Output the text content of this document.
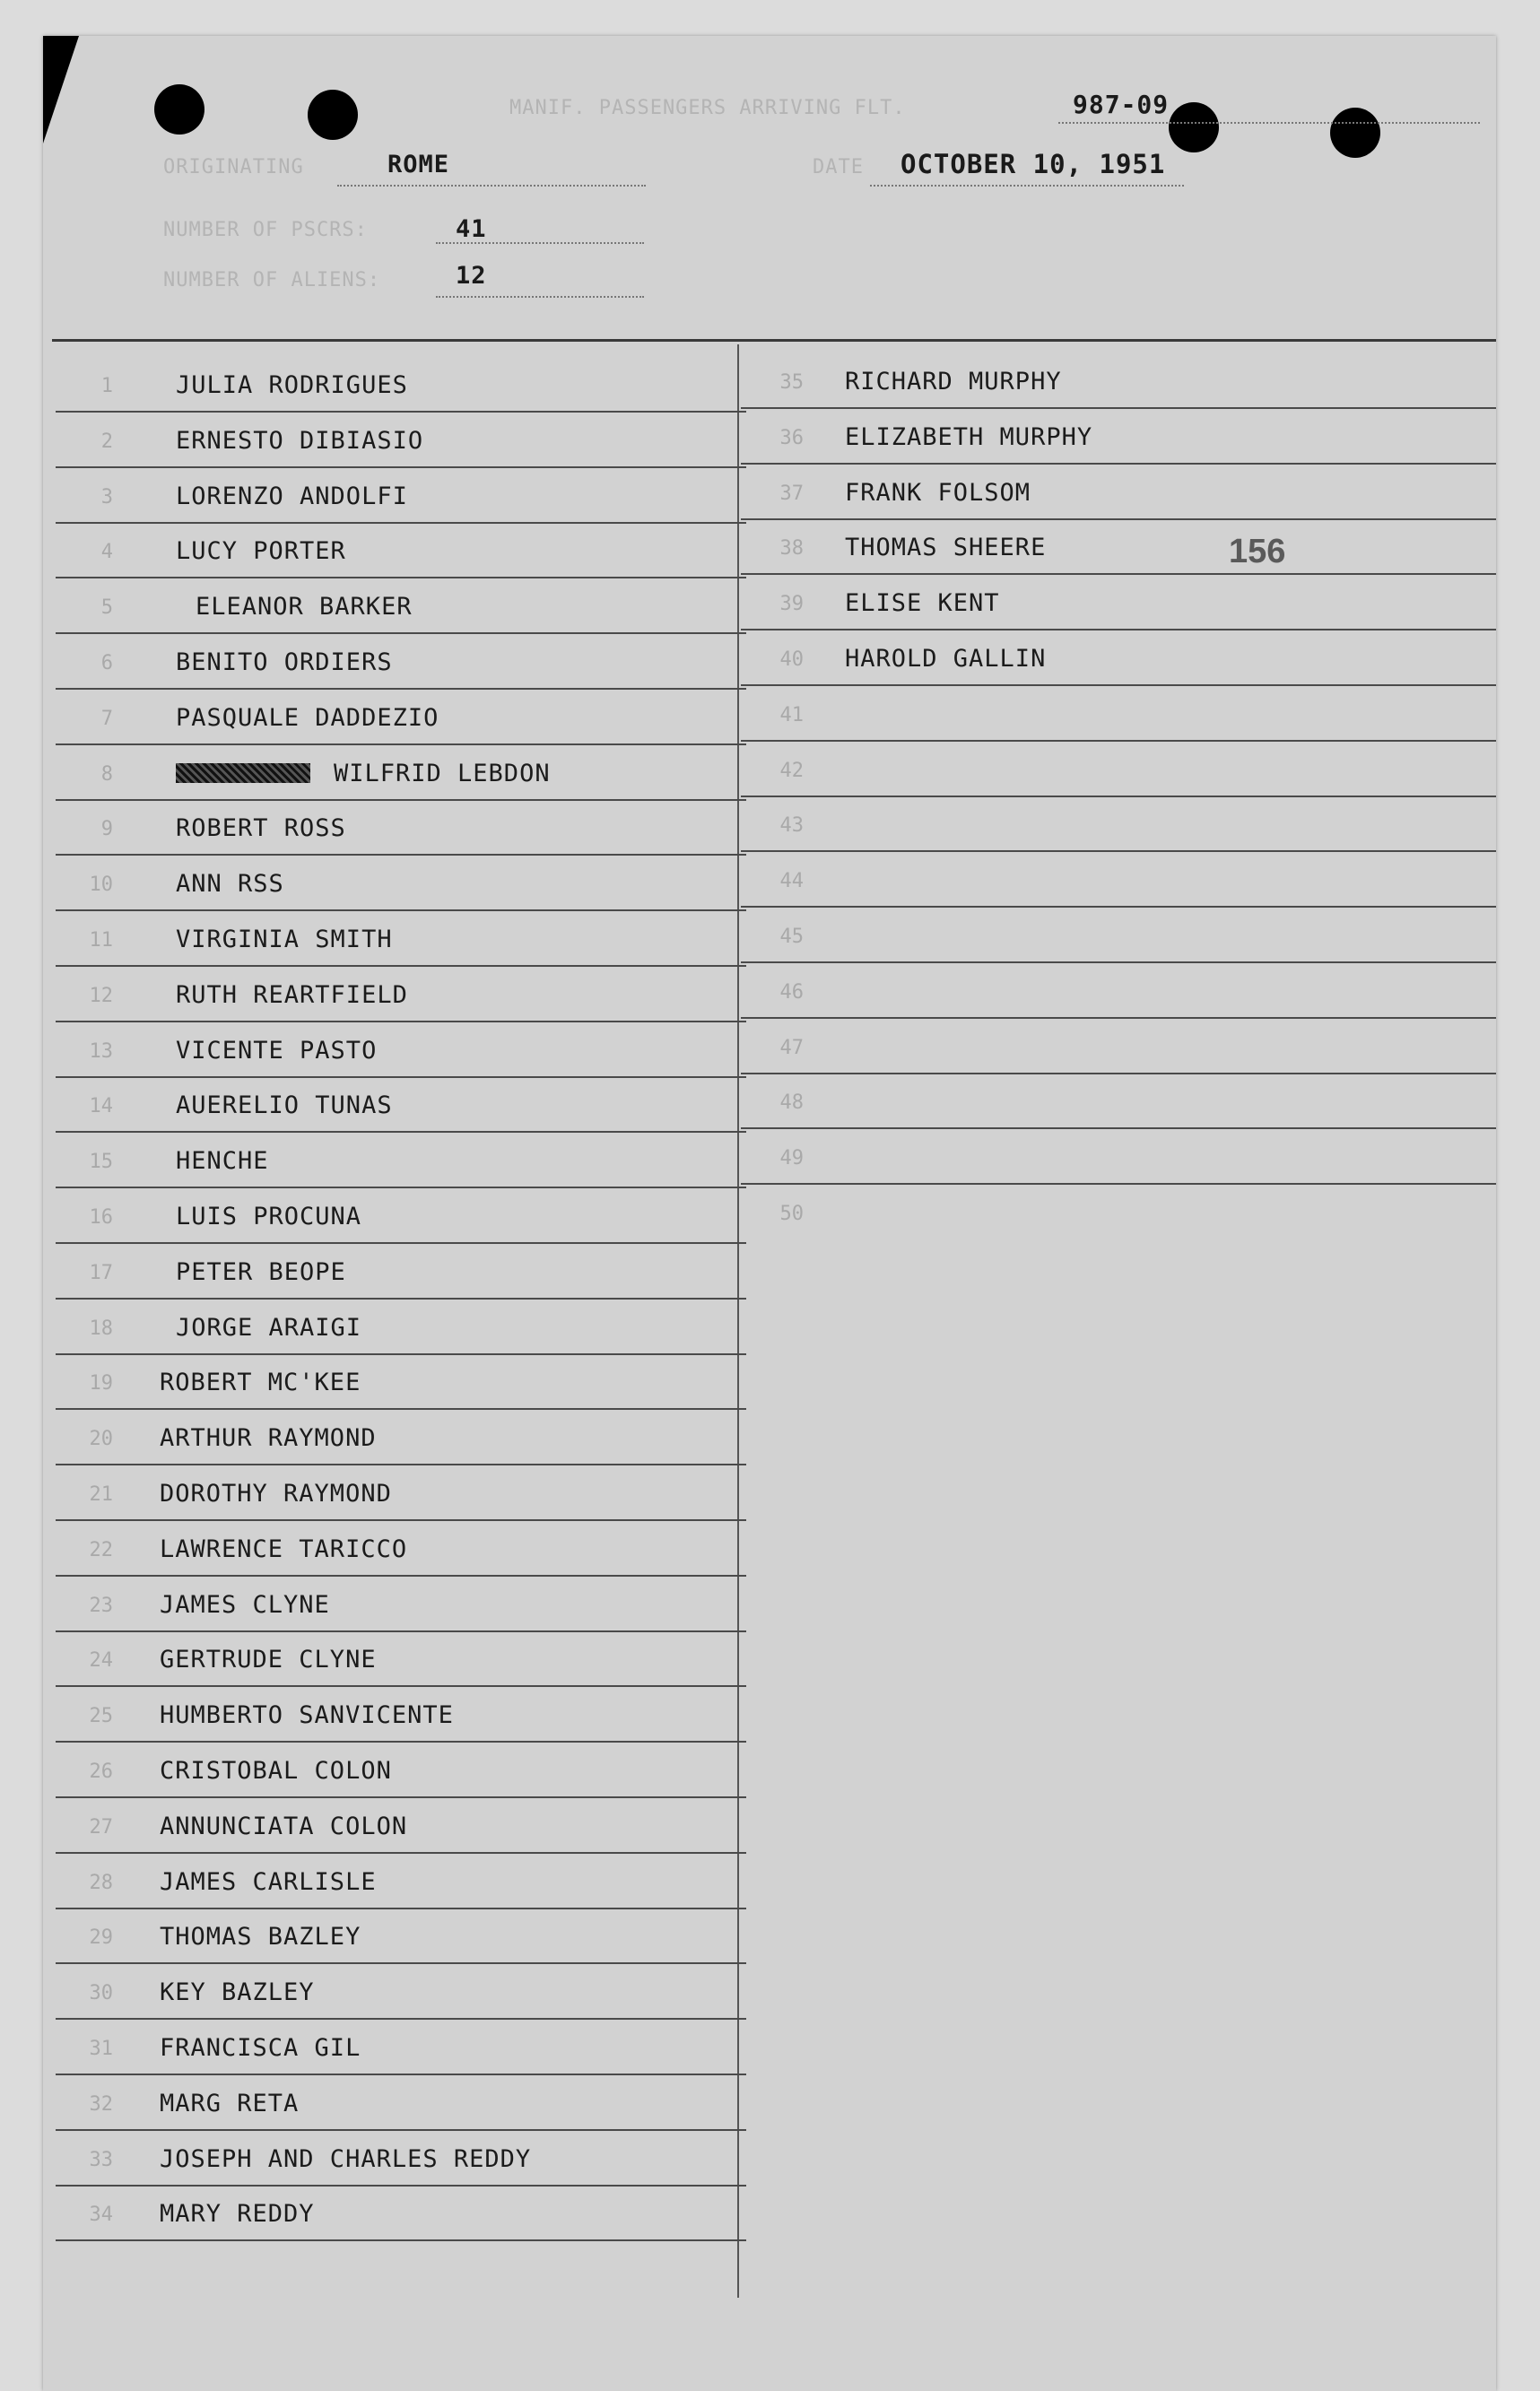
MANIF. PASSENGERS ARRIVING FLT.	987-09
ORIGINATING	ROME	DATE OCTOBER 10, 1951
NUMBER OF PSCRS:	41
NUMBER OF ALIENS:	12
156
1	JULIA RODRIGUES
2	ERNESTO DIBIASIO
3	LORENZO ANDOLFI
4	LUCY PORTER
5	ELEANOR BARKER
6	BENITO ORDIERS
7	PASQUALE DADDEZIO
8	WILFRID LEBDON
9	ROBERT ROSS
10	ANN RSS
11	VIRGINIA SMITH
12	RUTH REARTFIELD
13	VICENTE PASTO
14	AUERELIO TUNAS
15	HENCHE
16	LUIS PROCUNA
17	PETER BEOPE
18	JORGE ARAIGI
19 ROBERT MC'KEE
20 ARTHUR RAYMOND
21 DOROTHY RAYMOND
22 LAWRENCE TARICCO
23 JAMES CLYNE
24 GERTRUDE CLYNE
25 HUMBERTO SANVICENTE
26 CRISTOBAL COLON
27 ANNUNCIATA COLON
28 JAMES CARLISLE
29 THOMAS BAZLEY
30 KEY BAZLEY
31 FRANCISCA GIL
32 MARG RETA
33 JOSEPH AND CHARLES REDDY
34 MARY REDDY
35 RICHARD MURPHY
36 ELIZABETH MURPHY
37 FRANK FOLSOM
38 THOMAS SHEERE
39 ELISE KENT
40 HAROLD GALLIN
41
42
43
44
45
46
47
48
49
50
